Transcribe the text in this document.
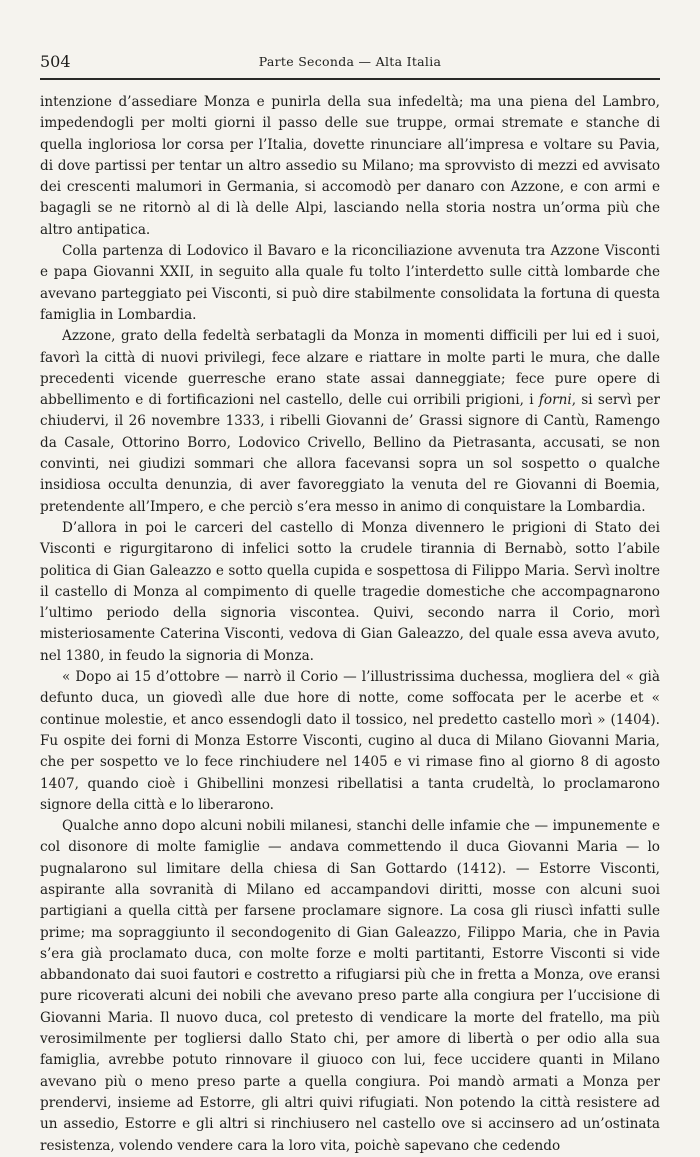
504	Parte Seconda — Alta Italia

intenzione d’assediare Monza e punirla della sua infedeltà; ma una piena del Lambro, impedendogli per molti giorni il passo delle sue truppe, ormai stremate e stanche di quella ingloriosa lor corsa per l’Italia, dovette rinunciare all’impresa e voltare su Pavia, di dove partissi per tentar un altro assedio su Milano; ma sprovvisto di mezzi ed avvisato dei crescenti malumori in Germania, si accomodò per danaro con Azzone, e con armi e bagagli se ne ritornò al di là delle Alpi, lasciando nella storia nostra un’orma più che altro antipatica.

Colla partenza di Lodovico il Bavaro e la riconciliazione avvenuta tra Azzone Visconti e papa Giovanni XXII, in seguito alla quale fu tolto l’interdetto sulle città lombarde che avevano parteggiato pei Visconti, si può dire stabilmente consolidata la fortuna di questa famiglia in Lombardia.

Azzone, grato della fedeltà serbatagli da Monza in momenti difficili per lui ed i suoi, favorì la città di nuovi privilegi, fece alzare e riattare in molte parti le mura, che dalle precedenti vicende guerresche erano state assai danneggiate; fece pure opere di abbellimento e di fortificazioni nel castello, delle cui orribili prigioni, i forni, si servì per chiudervi, il 26 novembre 1333, i ribelli Giovanni de’ Grassi signore di Cantù, Ramengo da Casale, Ottorino Borro, Lodovico Crivello, Bellino da Pietrasanta, accusati, se non convinti, nei giudizi sommari che allora facevansi sopra un sol sospetto o qualche insidiosa occulta denunzia, di aver favoreggiato la venuta del re Giovanni di Boemia, pretendente all’Impero, e che perciò s’era messo in animo di conquistare la Lombardia.

D’allora in poi le carceri del castello di Monza divennero le prigioni di Stato dei Visconti e rigurgitarono di infelici sotto la crudele tirannia di Bernabò, sotto l’abile politica di Gian Galeazzo e sotto quella cupida e sospettosa di Filippo Maria. Servì inoltre il castello di Monza al compimento di quelle tragedie domestiche che accompagnarono l’ultimo periodo della signoria viscontea. Quivi, secondo narra il Corio, morì misteriosamente Caterina Visconti, vedova di Gian Galeazzo, del quale essa aveva avuto, nel 1380, in feudo la signoria di Monza.

« Dopo ai 15 d’ottobre — narrò il Corio — l’illustrissima duchessa, mogliera del « già defunto duca, un giovedì alle due hore di notte, come soffocata per le acerbe et « continue molestie, et anco essendogli dato il tossico, nel predetto castello morì » (1404). Fu ospite dei forni di Monza Estorre Visconti, cugino al duca di Milano Giovanni Maria, che per sospetto ve lo fece rinchiudere nel 1405 e vi rimase fino al giorno 8 di agosto 1407, quando cioè i Ghibellini monzesi ribellatisi a tanta crudeltà, lo proclamarono signore della città e lo liberarono.

Qualche anno dopo alcuni nobili milanesi, stanchi delle infamie che — impunemente e col disonore di molte famiglie — andava commettendo il duca Giovanni Maria — lo pugnalarono sul limitare della chiesa di San Gottardo (1412). — Estorre Visconti, aspirante alla sovranità di Milano ed accampandovi diritti, mosse con alcuni suoi partigiani a quella città per farsene proclamare signore. La cosa gli riuscì infatti sulle prime; ma sopraggiunto il secondogenito di Gian Galeazzo, Filippo Maria, che in Pavia s’era già proclamato duca, con molte forze e molti partitanti, Estorre Visconti si vide abbandonato dai suoi fautori e costretto a rifugiarsi più che in fretta a Monza, ove eransi pure ricoverati alcuni dei nobili che avevano preso parte alla congiura per l’uccisione di Giovanni Maria. Il nuovo duca, col pretesto di vendicare la morte del fratello, ma più verosimilmente per togliersi dallo Stato chi, per amore di libertà o per odio alla sua famiglia, avrebbe potuto rinnovare il giuoco con lui, fece uccidere quanti in Milano avevano più o meno preso parte a quella congiura. Poi mandò armati a Monza per prendervi, insieme ad Estorre, gli altri quivi rifugiati. Non potendo la città resistere ad un assedio, Estorre e gli altri si rinchiusero nel castello ove si accinsero ad un’ostinata resistenza, volendo vendere cara la loro vita, poichè sapevano che cedendo
